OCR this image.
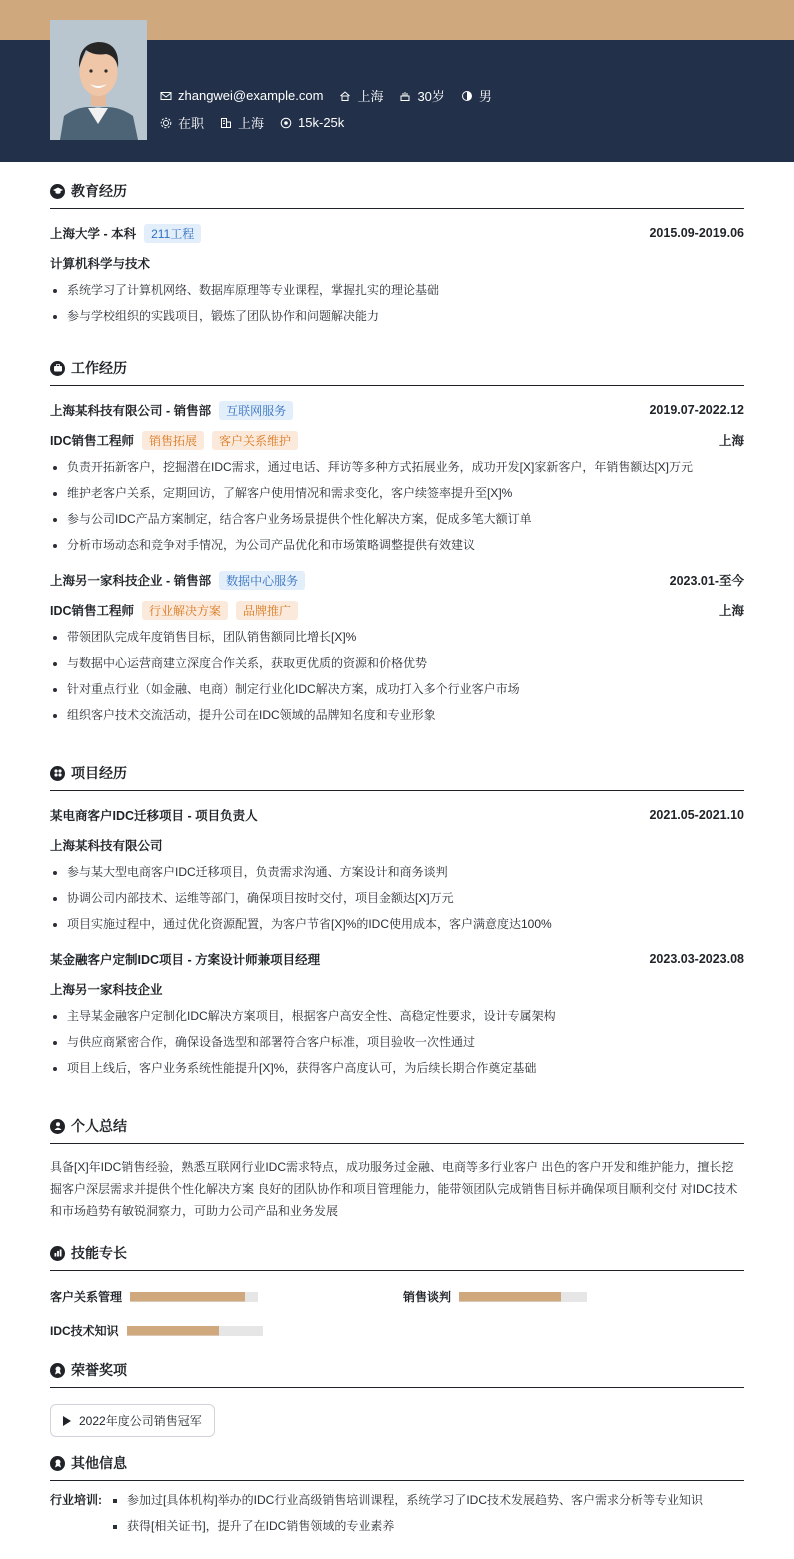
zhangwei@example.com	上海	30岁	男
在职	上海	15k-25k
教育经历
上海大学 - 本科	211工程	2015.09-2019.06
计算机科学与技术
• 系统学习了计算机网络、数据库原理等专业课程，掌握扎实的理论基础
• 参与学校组织的实践项目，锻炼了团队协作和问题解决能力
工作经历
上海某科技有限公司 - 销售部	互联网服务	2019.07-2022.12
IDC销售工程师	销售拓展	客户关系维护	上海
• 负责开拓新客户，挖掘潜在IDC需求，通过电话、拜访等多种方式拓展业务，成功开发[X]家新客户，年销售额达[X]万元
• 维护老客户关系，定期回访，了解客户使用情况和需求变化，客户续签率提升至[X]%
• 参与公司IDC产品方案制定，结合客户业务场景提供个性化解决方案，促成多笔大额订单
• 分析市场动态和竞争对手情况，为公司产品优化和市场策略调整提供有效建议
上海另一家科技企业 - 销售部	数据中心服务	2023.01-至今
IDC销售工程师	行业解决方案	品牌推广	上海
• 带领团队完成年度销售目标，团队销售额同比增长[X]%
• 与数据中心运营商建立深度合作关系，获取更优质的资源和价格优势
• 针对重点行业（如金融、电商）制定行业化IDC解决方案，成功打入多个行业客户市场
• 组织客户技术交流活动，提升公司在IDC领域的品牌知名度和专业形象
项目经历
某电商客户IDC迁移项目 - 项目负责人	2021.05-2021.10
上海某科技有限公司
• 参与某大型电商客户IDC迁移项目，负责需求沟通、方案设计和商务谈判
• 协调公司内部技术、运维等部门，确保项目按时交付，项目金额达[X]万元
• 项目实施过程中，通过优化资源配置，为客户节省[X]%的IDC使用成本，客户满意度达100%
某金融客户定制IDC项目 - 方案设计师兼项目经理	2023.03-2023.08
上海另一家科技企业
• 主导某金融客户定制化IDC解决方案项目，根据客户高安全性、高稳定性要求，设计专属架构
• 与供应商紧密合作，确保设备选型和部署符合客户标准，项目验收一次性通过
• 项目上线后，客户业务系统性能提升[X]%，获得客户高度认可，为后续长期合作奠定基础
个人总结
具备[X]年IDC销售经验，熟悉互联网行业IDC需求特点，成功服务过金融、电商等多行业客户 出色的客户开发和维护能力，擅长挖掘客户深层需求并提供个性化解决方案 良好的团队协作和项目管理能力，能带领团队完成销售目标并确保项目顺利交付 对IDC技术和市场趋势有敏锐洞察力，可助力公司产品和业务发展
技能专长
客户关系管理	销售谈判
IDC技术知识
荣誉奖项
2022年度公司销售冠军
其他信息
行业培训:
▪	参加过[具体机构]举办的IDC行业高级销售培训课程，系统学习了IDC技术发展趋势、客户需求分析等专业知识
▪ 获得[相关证书]，提升了在IDC销售领域的专业素养
